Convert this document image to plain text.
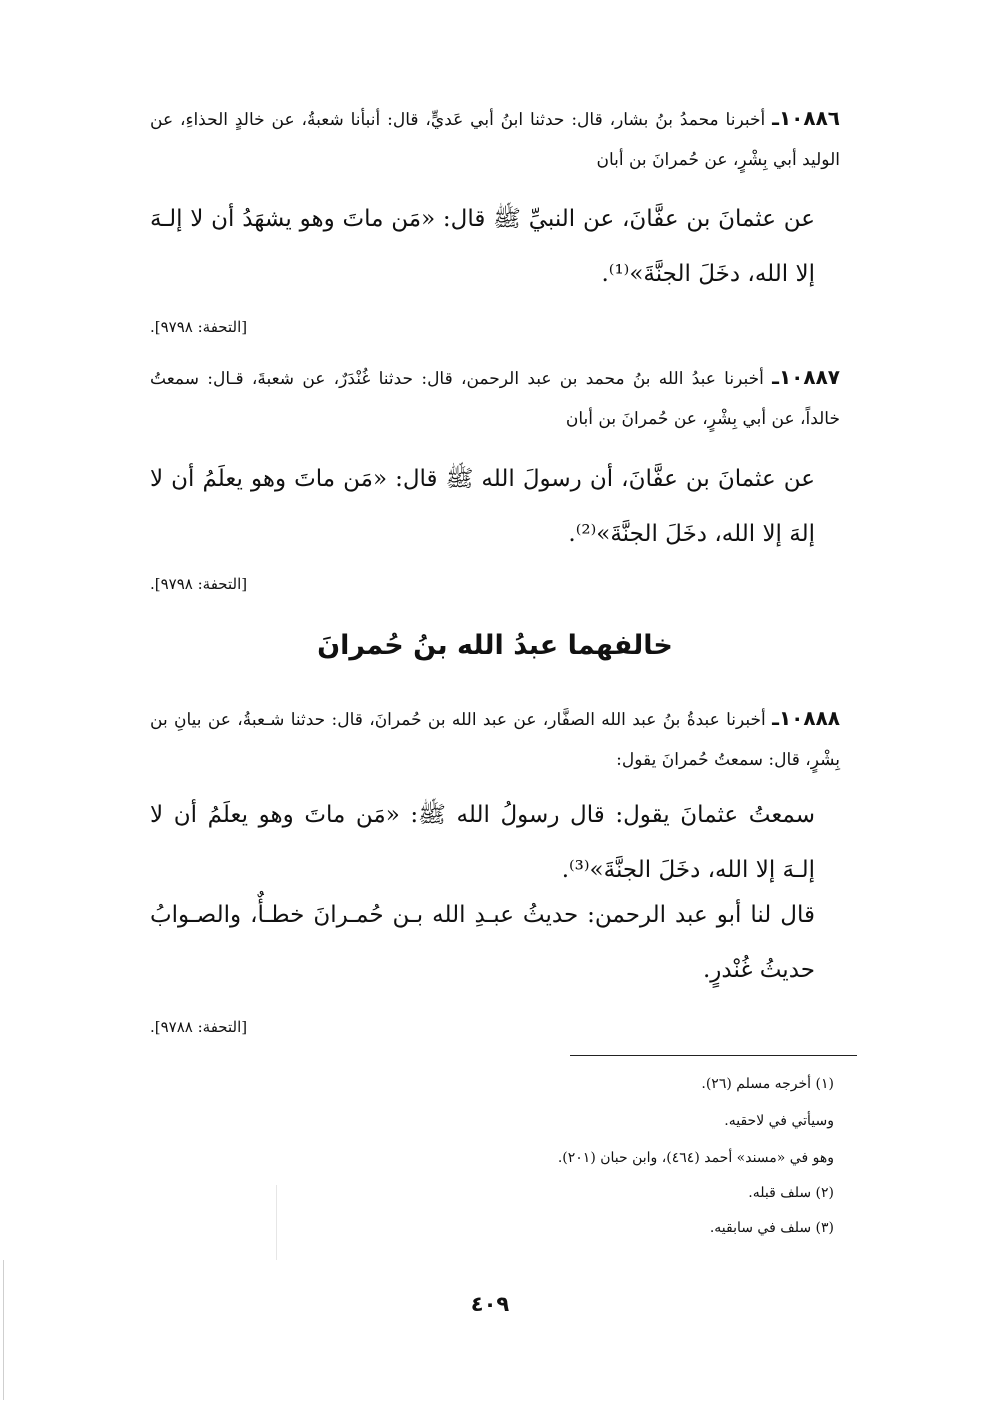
١٠٨٨٦ـ أخبرنا محمدُ بنُ بشار، قال: حدثنا ابنُ أبي عَديٍّ، قال: أنبأنا شعبةُ، عن خالدٍ الحذاءِ، عن الوليد أبي بِشْرٍ، عن حُمرانَ بن أبان
عن عثمانَ بن عفَّانَ، عن النبيِّ ﷺ قال: «مَن ماتَ وهو يشهَدُ أن لا إلـهَ إلا الله، دخَلَ الجنَّةَ»⁽¹⁾.
[التحفة: ٩٧٩٨].
١٠٨٨٧ـ أخبرنا عبدُ الله بنُ محمد بن عبد الرحمن، قال: حدثنا غُنْدَرٌ، عن شعبةَ، قـال: سمعتُ خالداً، عن أبي بِشْرٍ، عن حُمرانَ بن أبان
عن عثمانَ بن عفَّانَ، أن رسولَ الله ﷺ قال: «مَن ماتَ وهو يعلَمُ أن لا إلهَ إلا الله، دخَلَ الجنَّةَ»⁽²⁾.
[التحفة: ٩٧٩٨].
خالفهما عبدُ الله بنُ حُمرانَ
١٠٨٨٨ـ أخبرنا عبدةُ بنُ عبد الله الصفَّار، عن عبد الله بن حُمرانَ، قال: حدثنا شـعبةُ، عن بيانِ بن بِشْرٍ، قال: سمعتُ حُمرانَ يقول:
سمعتُ عثمانَ يقول: قال رسولُ الله ﷺ: «مَن ماتَ وهو يعلَمُ أن لا إلـهَ إلا الله، دخَلَ الجنَّةَ»⁽³⁾.
قال لنا أبو عبد الرحمن: حديثُ عبـدِ الله بـن حُمـرانَ خطـأٌ، والصـوابُ حديثُ غُنْدرٍ.
[التحفة: ٩٧٨٨].
(١) أخرجه مسلم (٢٦).
وسيأتي في لاحقيه.
وهو في «مسند» أحمد (٤٦٤)، وابن حبان (٢٠١).
(٢) سلف قبله.
(٣) سلف في سابقيه.
٤٠٩
